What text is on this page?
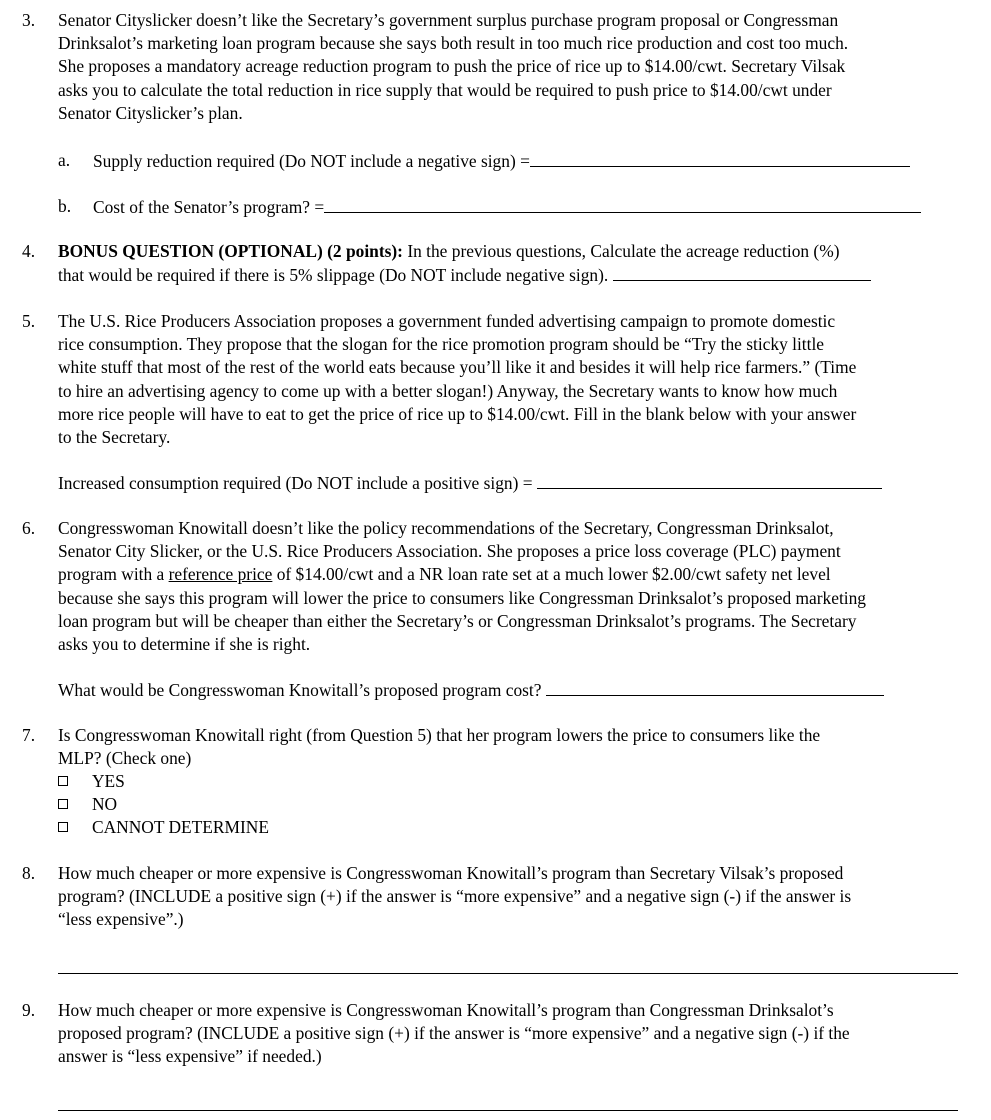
3. Senator Cityslicker doesn’t like the Secretary’s government surplus purchase program proposal or Congressman
Drinksalot’s marketing loan program because she says both result in too much rice production and cost too much.
She proposes a mandatory acreage reduction program to push the price of rice up to $14.00/cwt. Secretary Vilsak
asks you to calculate the total reduction in rice supply that would be required to push price to $14.00/cwt under
Senator Cityslicker’s plan.
a. Supply reduction required (Do NOT include a negative sign) =
b. Cost of the Senator’s program? =
4. BONUS QUESTION (OPTIONAL) (2 points): In the previous questions, Calculate the acreage reduction (%)
that would be required if there is 5% slippage (Do NOT include negative sign).
5. The U.S. Rice Producers Association proposes a government funded advertising campaign to promote domestic
rice consumption. They propose that the slogan for the rice promotion program should be “Try the sticky little
white stuff that most of the rest of the world eats because you’ll like it and besides it will help rice farmers.” (Time
to hire an advertising agency to come up with a better slogan!) Anyway, the Secretary wants to know how much
more rice people will have to eat to get the price of rice up to $14.00/cwt. Fill in the blank below with your answer
to the Secretary.
Increased consumption required (Do NOT include a positive sign) =
6. Congresswoman Knowitall doesn’t like the policy recommendations of the Secretary, Congressman Drinksalot,
Senator City Slicker, or the U.S. Rice Producers Association. She proposes a price loss coverage (PLC) payment
program with a reference price of $14.00/cwt and a NR loan rate set at a much lower $2.00/cwt safety net level
because she says this program will lower the price to consumers like Congressman Drinksalot’s proposed marketing
loan program but will be cheaper than either the Secretary’s or Congressman Drinksalot’s programs. The Secretary
asks you to determine if she is right.
What would be Congresswoman Knowitall’s proposed program cost?
7. Is Congresswoman Knowitall right (from Question 5) that her program lowers the price to consumers like the
MLP? (Check one)
YES
NO
CANNOT DETERMINE
8. How much cheaper or more expensive is Congresswoman Knowitall’s program than Secretary Vilsak’s proposed
program? (INCLUDE a positive sign (+) if the answer is “more expensive” and a negative sign (-) if the answer is
“less expensive”.)
9. How much cheaper or more expensive is Congresswoman Knowitall’s program than Congressman Drinksalot’s
proposed program? (INCLUDE a positive sign (+) if the answer is “more expensive” and a negative sign (-) if the
answer is “less expensive” if needed.)
